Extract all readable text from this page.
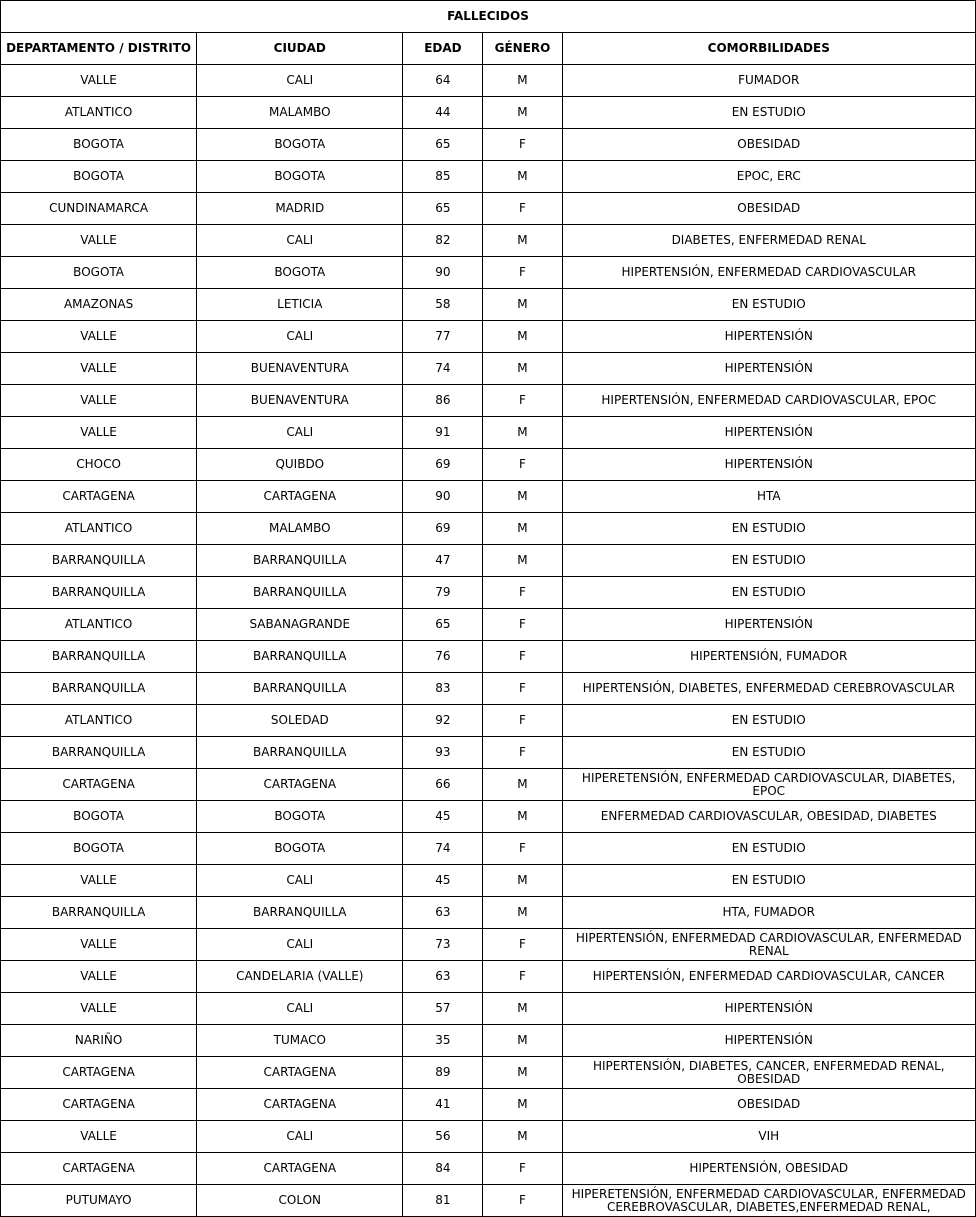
FALLECIDOS				
DEPARTAMENTO / DISTRITO	CIUDAD	EDAD	GÉNERO	COMORBILIDADES
VALLE	CALI	64	M	FUMADOR
ATLANTICO	MALAMBO	44	M	EN ESTUDIO
BOGOTA	BOGOTA	65	F	OBESIDAD
BOGOTA	BOGOTA	85	M	EPOC, ERC
CUNDINAMARCA	MADRID	65	F	OBESIDAD
VALLE	CALI	82	M	DIABETES, ENFERMEDAD RENAL
BOGOTA	BOGOTA	90	F	HIPERTENSIÓN, ENFERMEDAD CARDIOVASCULAR
AMAZONAS	LETICIA	58	M	EN ESTUDIO
VALLE	CALI	77	M	HIPERTENSIÓN
VALLE	BUENAVENTURA	74	M	HIPERTENSIÓN
VALLE	BUENAVENTURA	86	F	HIPERTENSIÓN, ENFERMEDAD CARDIOVASCULAR, EPOC
VALLE	CALI	91	M	HIPERTENSIÓN
CHOCO	QUIBDO	69	F	HIPERTENSIÓN
CARTAGENA	CARTAGENA	90	M	HTA
ATLANTICO	MALAMBO	69	M	EN ESTUDIO
BARRANQUILLA	BARRANQUILLA	47	M	EN ESTUDIO
BARRANQUILLA	BARRANQUILLA	79	F	EN ESTUDIO
ATLANTICO	SABANAGRANDE	65	F	HIPERTENSIÓN
BARRANQUILLA	BARRANQUILLA	76	F	HIPERTENSIÓN, FUMADOR
BARRANQUILLA	BARRANQUILLA	83	F	HIPERTENSIÓN, DIABETES, ENFERMEDAD CEREBROVASCULAR
ATLANTICO	SOLEDAD	92	F	EN ESTUDIO
BARRANQUILLA	BARRANQUILLA	93	F	EN ESTUDIO
CARTAGENA	CARTAGENA	66	M	HIPERETENSIÓN, ENFERMEDAD CARDIOVASCULAR, DIABETES, EPOC
BOGOTA	BOGOTA	45	M	ENFERMEDAD CARDIOVASCULAR, OBESIDAD, DIABETES
BOGOTA	BOGOTA	74	F	EN ESTUDIO
VALLE	CALI	45	M	EN ESTUDIO
BARRANQUILLA	BARRANQUILLA	63	M	HTA, FUMADOR
VALLE	CALI	73	F	HIPERTENSIÓN, ENFERMEDAD CARDIOVASCULAR, ENFERMEDAD RENAL
VALLE	CANDELARIA (VALLE)	63	F	HIPERTENSIÓN, ENFERMEDAD CARDIOVASCULAR, CANCER
VALLE	CALI	57	M	HIPERTENSIÓN
NARIÑO	TUMACO	35	M	HIPERTENSIÓN
CARTAGENA	CARTAGENA	89	M	HIPERTENSIÓN, DIABETES, CANCER, ENFERMEDAD RENAL, OBESIDAD
CARTAGENA	CARTAGENA	41	M	OBESIDAD
VALLE	CALI	56	M	VIH
CARTAGENA	CARTAGENA	84	F	HIPERTENSIÓN, OBESIDAD
PUTUMAYO	COLON	81	F	HIPERETENSIÓN, ENFERMEDAD CARDIOVASCULAR, ENFERMEDAD CEREBROVASCULAR, DIABETES,ENFERMEDAD RENAL,
